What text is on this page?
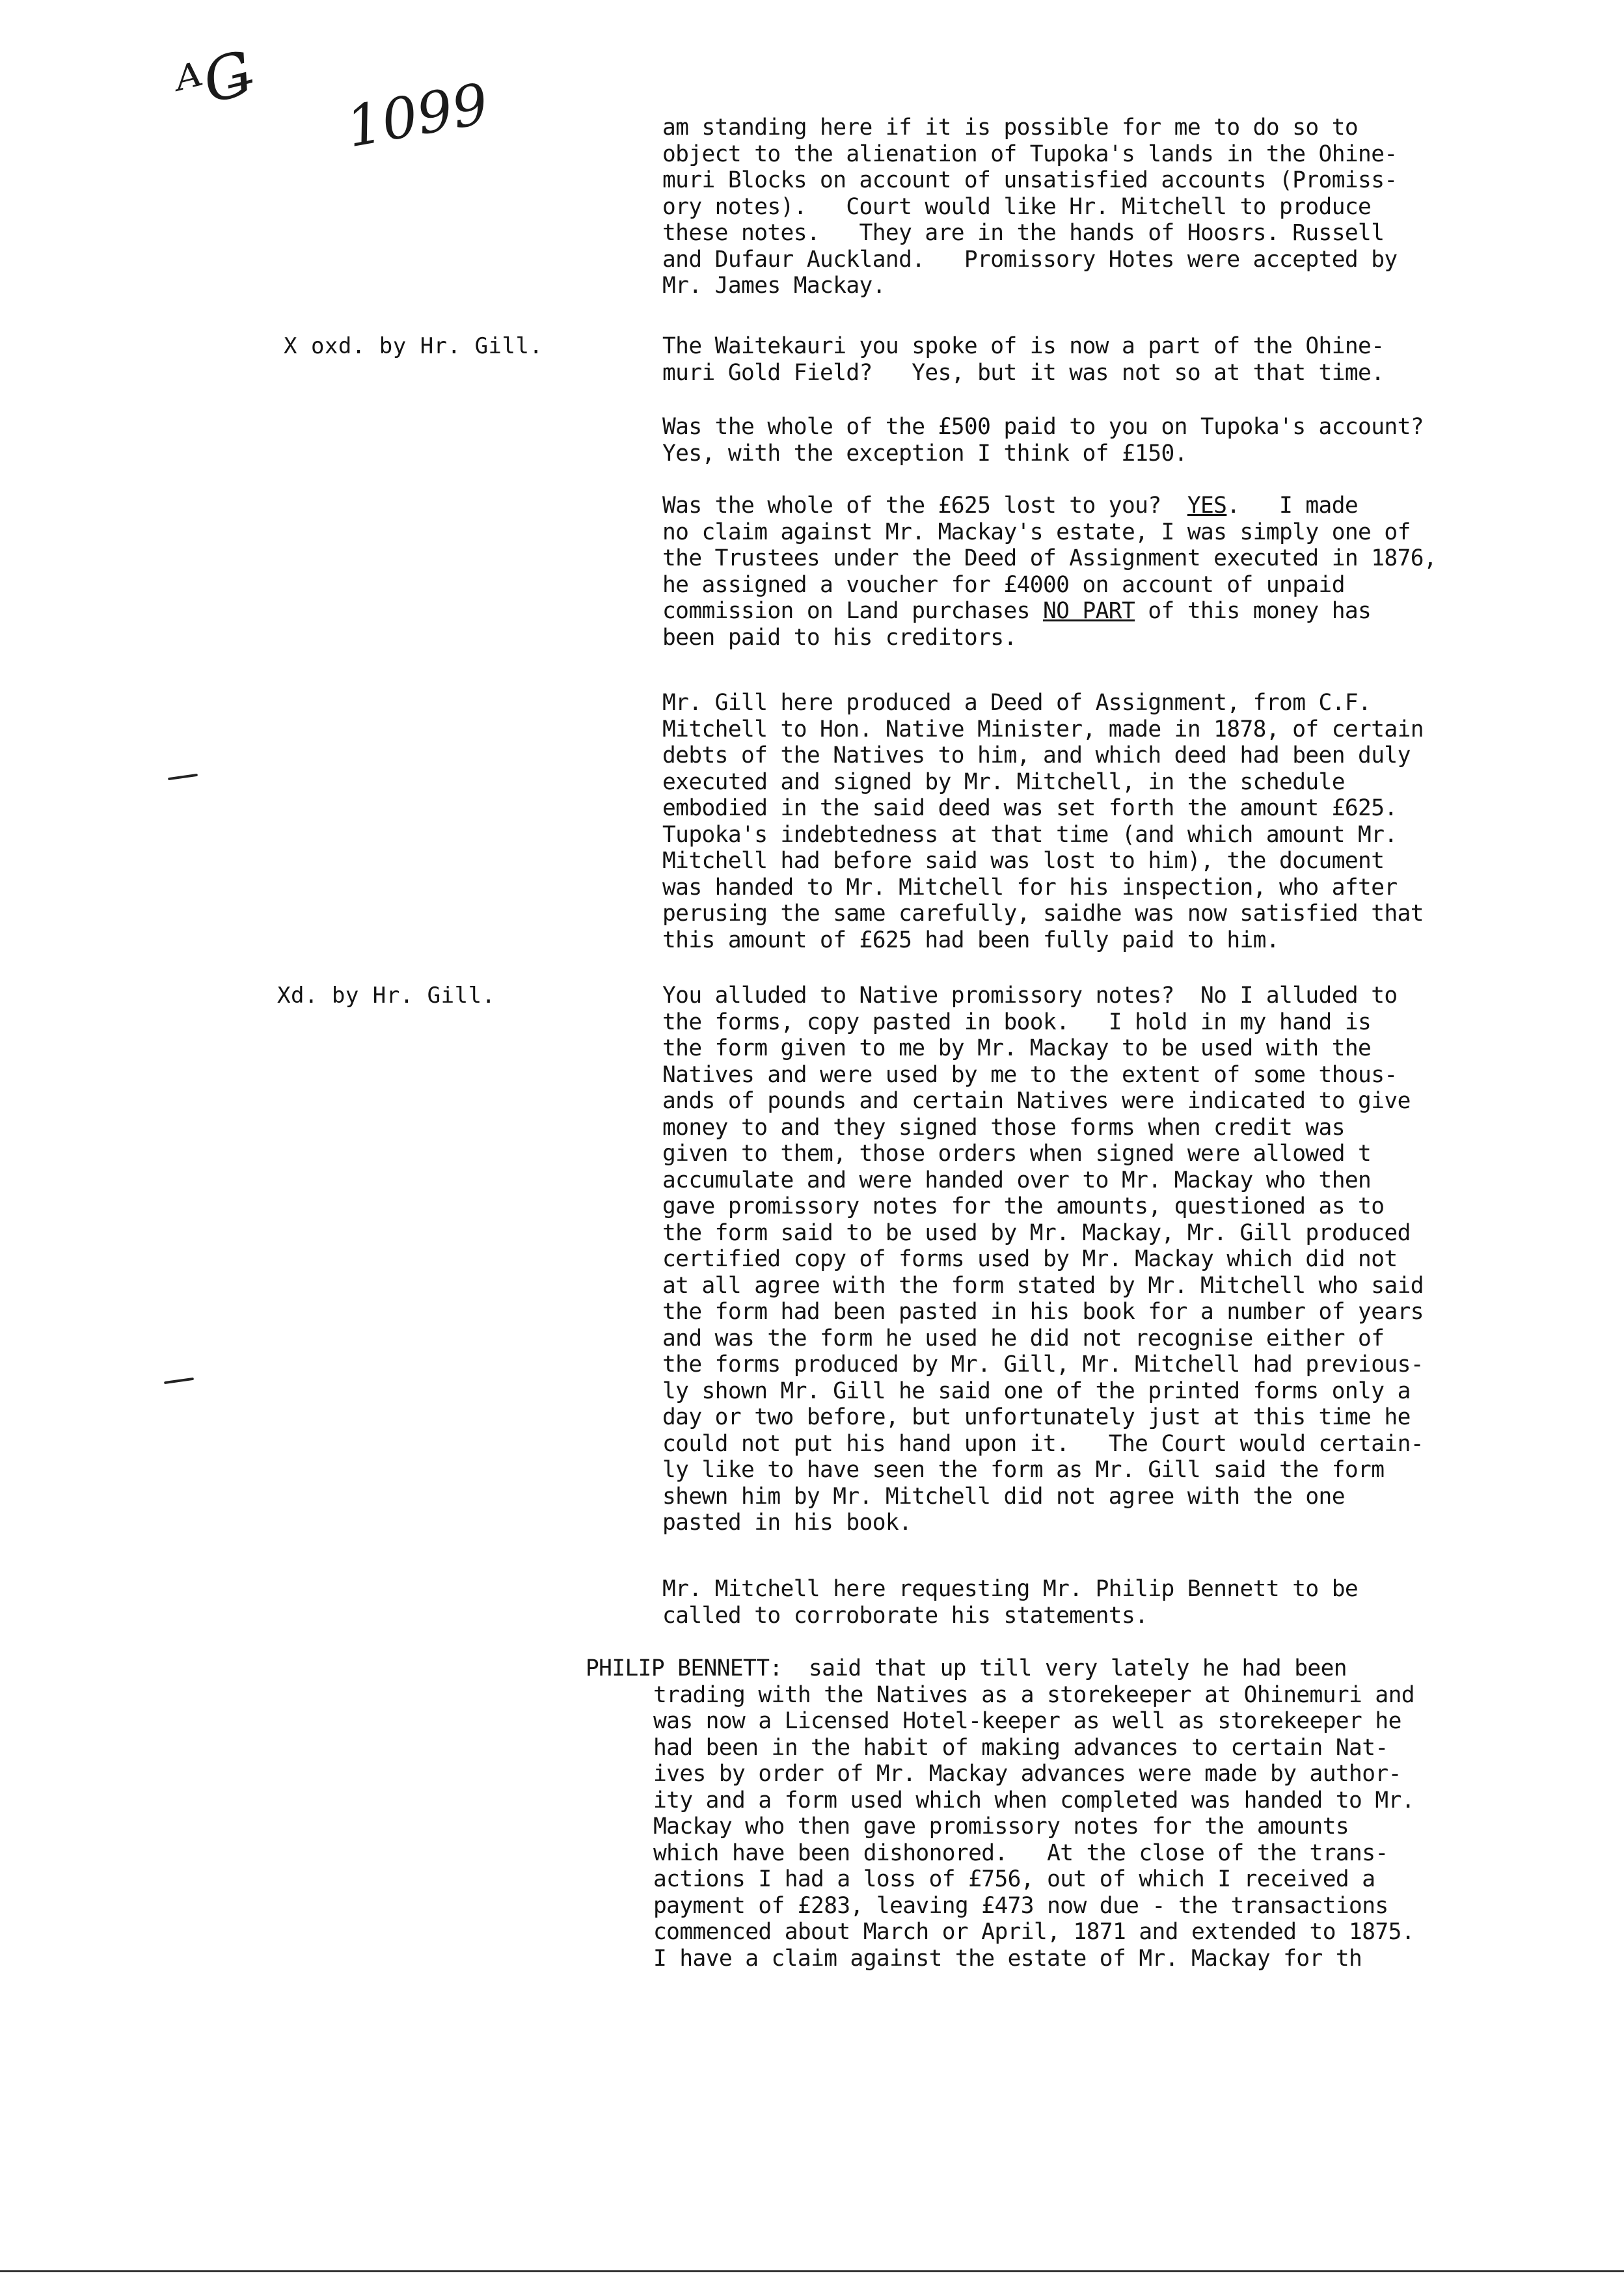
ᴬǤ 1099
X oxd. by Hr. Gill.
Xd. by Hr. Gill.
am standing here if it is possible for me to do so to
object to the alienation of Tupoka's lands in the Ohine-
muri Blocks on account of unsatisfied accounts (Promiss-
ory notes).   Court would like Hr. Mitchell to produce
these notes.   They are in the hands of Hoosrs. Russell
and Dufaur Auckland.   Promissory Hotes were accepted by
Mr. James Mackay.
The Waitekauri you spoke of is now a part of the Ohine-
muri Gold Field?   Yes, but it was not so at that time.
Was the whole of the £500 paid to you on Tupoka's account?
Yes, with the exception I think of £150.
Was the whole of the £625 lost to you?  YES.   I made
no claim against Mr. Mackay's estate, I was simply one of
the Trustees under the Deed of Assignment executed in 1876,
he assigned a voucher for £4000 on account of unpaid
commission on Land purchases NO PART of this money has
been paid to his creditors.
Mr. Gill here produced a Deed of Assignment, from C.F.
Mitchell to Hon. Native Minister, made in 1878, of certain
debts of the Natives to him, and which deed had been duly
executed and signed by Mr. Mitchell, in the schedule
embodied in the said deed was set forth the amount £625.
Tupoka's indebtedness at that time (and which amount Mr.
Mitchell had before said was lost to him), the document
was handed to Mr. Mitchell for his inspection, who after
perusing the same carefully, saidhe was now satisfied that
this amount of £625 had been fully paid to him.
You alluded to Native promissory notes?  No I alluded to
the forms, copy pasted in book.   I hold in my hand is
the form given to me by Mr. Mackay to be used with the
Natives and were used by me to the extent of some thous-
ands of pounds and certain Natives were indicated to give
money to and they signed those forms when credit was
given to them, those orders when signed were allowed t
accumulate and were handed over to Mr. Mackay who then
gave promissory notes for the amounts, questioned as to
the form said to be used by Mr. Mackay, Mr. Gill produced
certified copy of forms used by Mr. Mackay which did not
at all agree with the form stated by Mr. Mitchell who said
the form had been pasted in his book for a number of years
and was the form he used he did not recognise either of
the forms produced by Mr. Gill, Mr. Mitchell had previous-
ly shown Mr. Gill he said one of the printed forms only a
day or two before, but unfortunately just at this time he
could not put his hand upon it.   The Court would certain-
ly like to have seen the form as Mr. Gill said the form
shewn him by Mr. Mitchell did not agree with the one
pasted in his book.
Mr. Mitchell here requesting Mr. Philip Bennett to be
called to corroborate his statements.
PHILIP BENNETT:  said that up till very lately he had been
trading with the Natives as a storekeeper at Ohinemuri and
was now a Licensed Hotel-keeper as well as storekeeper he
had been in the habit of making advances to certain Nat-
ives by order of Mr. Mackay advances were made by author-
ity and a form used which when completed was handed to Mr.
Mackay who then gave promissory notes for the amounts
which have been dishonored.   At the close of the trans-
actions I had a loss of £756, out of which I received a
payment of £283, leaving £473 now due - the transactions
commenced about March or April, 1871 and extended to 1875.
I have a claim against the estate of Mr. Mackay for th
